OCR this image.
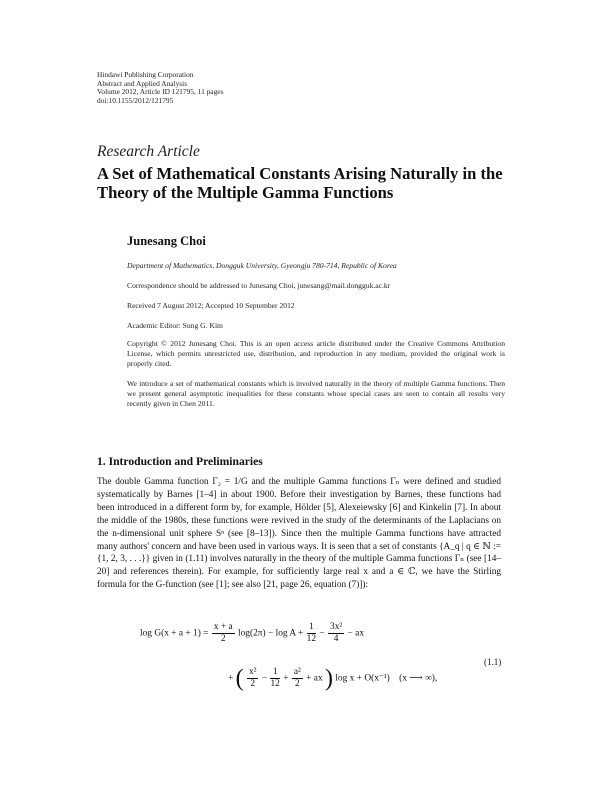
Hindawi Publishing Corporation
Abstract and Applied Analysis
Volume 2012, Article ID 121795, 11 pages
doi:10.1155/2012/121795
Research Article
A Set of Mathematical Constants Arising Naturally in the Theory of the Multiple Gamma Functions
Junesang Choi
Department of Mathematics, Dongguk University, Gyeongju 780-714, Republic of Korea
Correspondence should be addressed to Junesang Choi, junesang@mail.dongguk.ac.kr
Received 7 August 2012; Accepted 10 September 2012
Academic Editor: Sung G. Kim
Copyright © 2012 Junesang Choi. This is an open access article distributed under the Creative Commons Attribution License, which permits unrestricted use, distribution, and reproduction in any medium, provided the original work is properly cited.
We introduce a set of mathematical constants which is involved naturally in the theory of multiple Gamma functions. Then we present general asymptotic inequalities for these constants whose special cases are seen to contain all results very recently given in Chen 2011.
1. Introduction and Preliminaries
The double Gamma function Γ₂ = 1/G and the multiple Gamma functions Γₙ were defined and studied systematically by Barnes [1–4] in about 1900. Before their investigation by Barnes, these functions had been introduced in a different form by, for example, Hölder [5], Alexeiewsky [6] and Kinkelin [7]. In about the middle of the 1980s, these functions were revived in the study of the determinants of the Laplacians on the n-dimensional unit sphere Sⁿ (see [8–13]). Since then the multiple Gamma functions have attracted many authors' concern and have been used in various ways. It is seen that a set of constants {A_q | q ∈ ℕ := {1, 2, 3, . . .}} given in (1.11) involves naturally in the theory of the multiple Gamma functions Γₙ (see [14–20] and references therein). For example, for sufficiently large real x and a ∈ ℂ, we have the Stirling formula for the G-function (see [1]; see also [21, page 26, equation (7)]):
$\log G(x + a + 1) = \frac{x + a}{2} \log(2\pi) - \log A + \frac{1}{12} - \frac{\text{3x²}}{4}$ − ax
+ ( $\frac{\text{x²}}{2} - \frac{1}{12} + \frac{\text{a²}}{2}$ + ax ) log x + O(x⁻¹) (x ⟶ ∞),
(1.1)
